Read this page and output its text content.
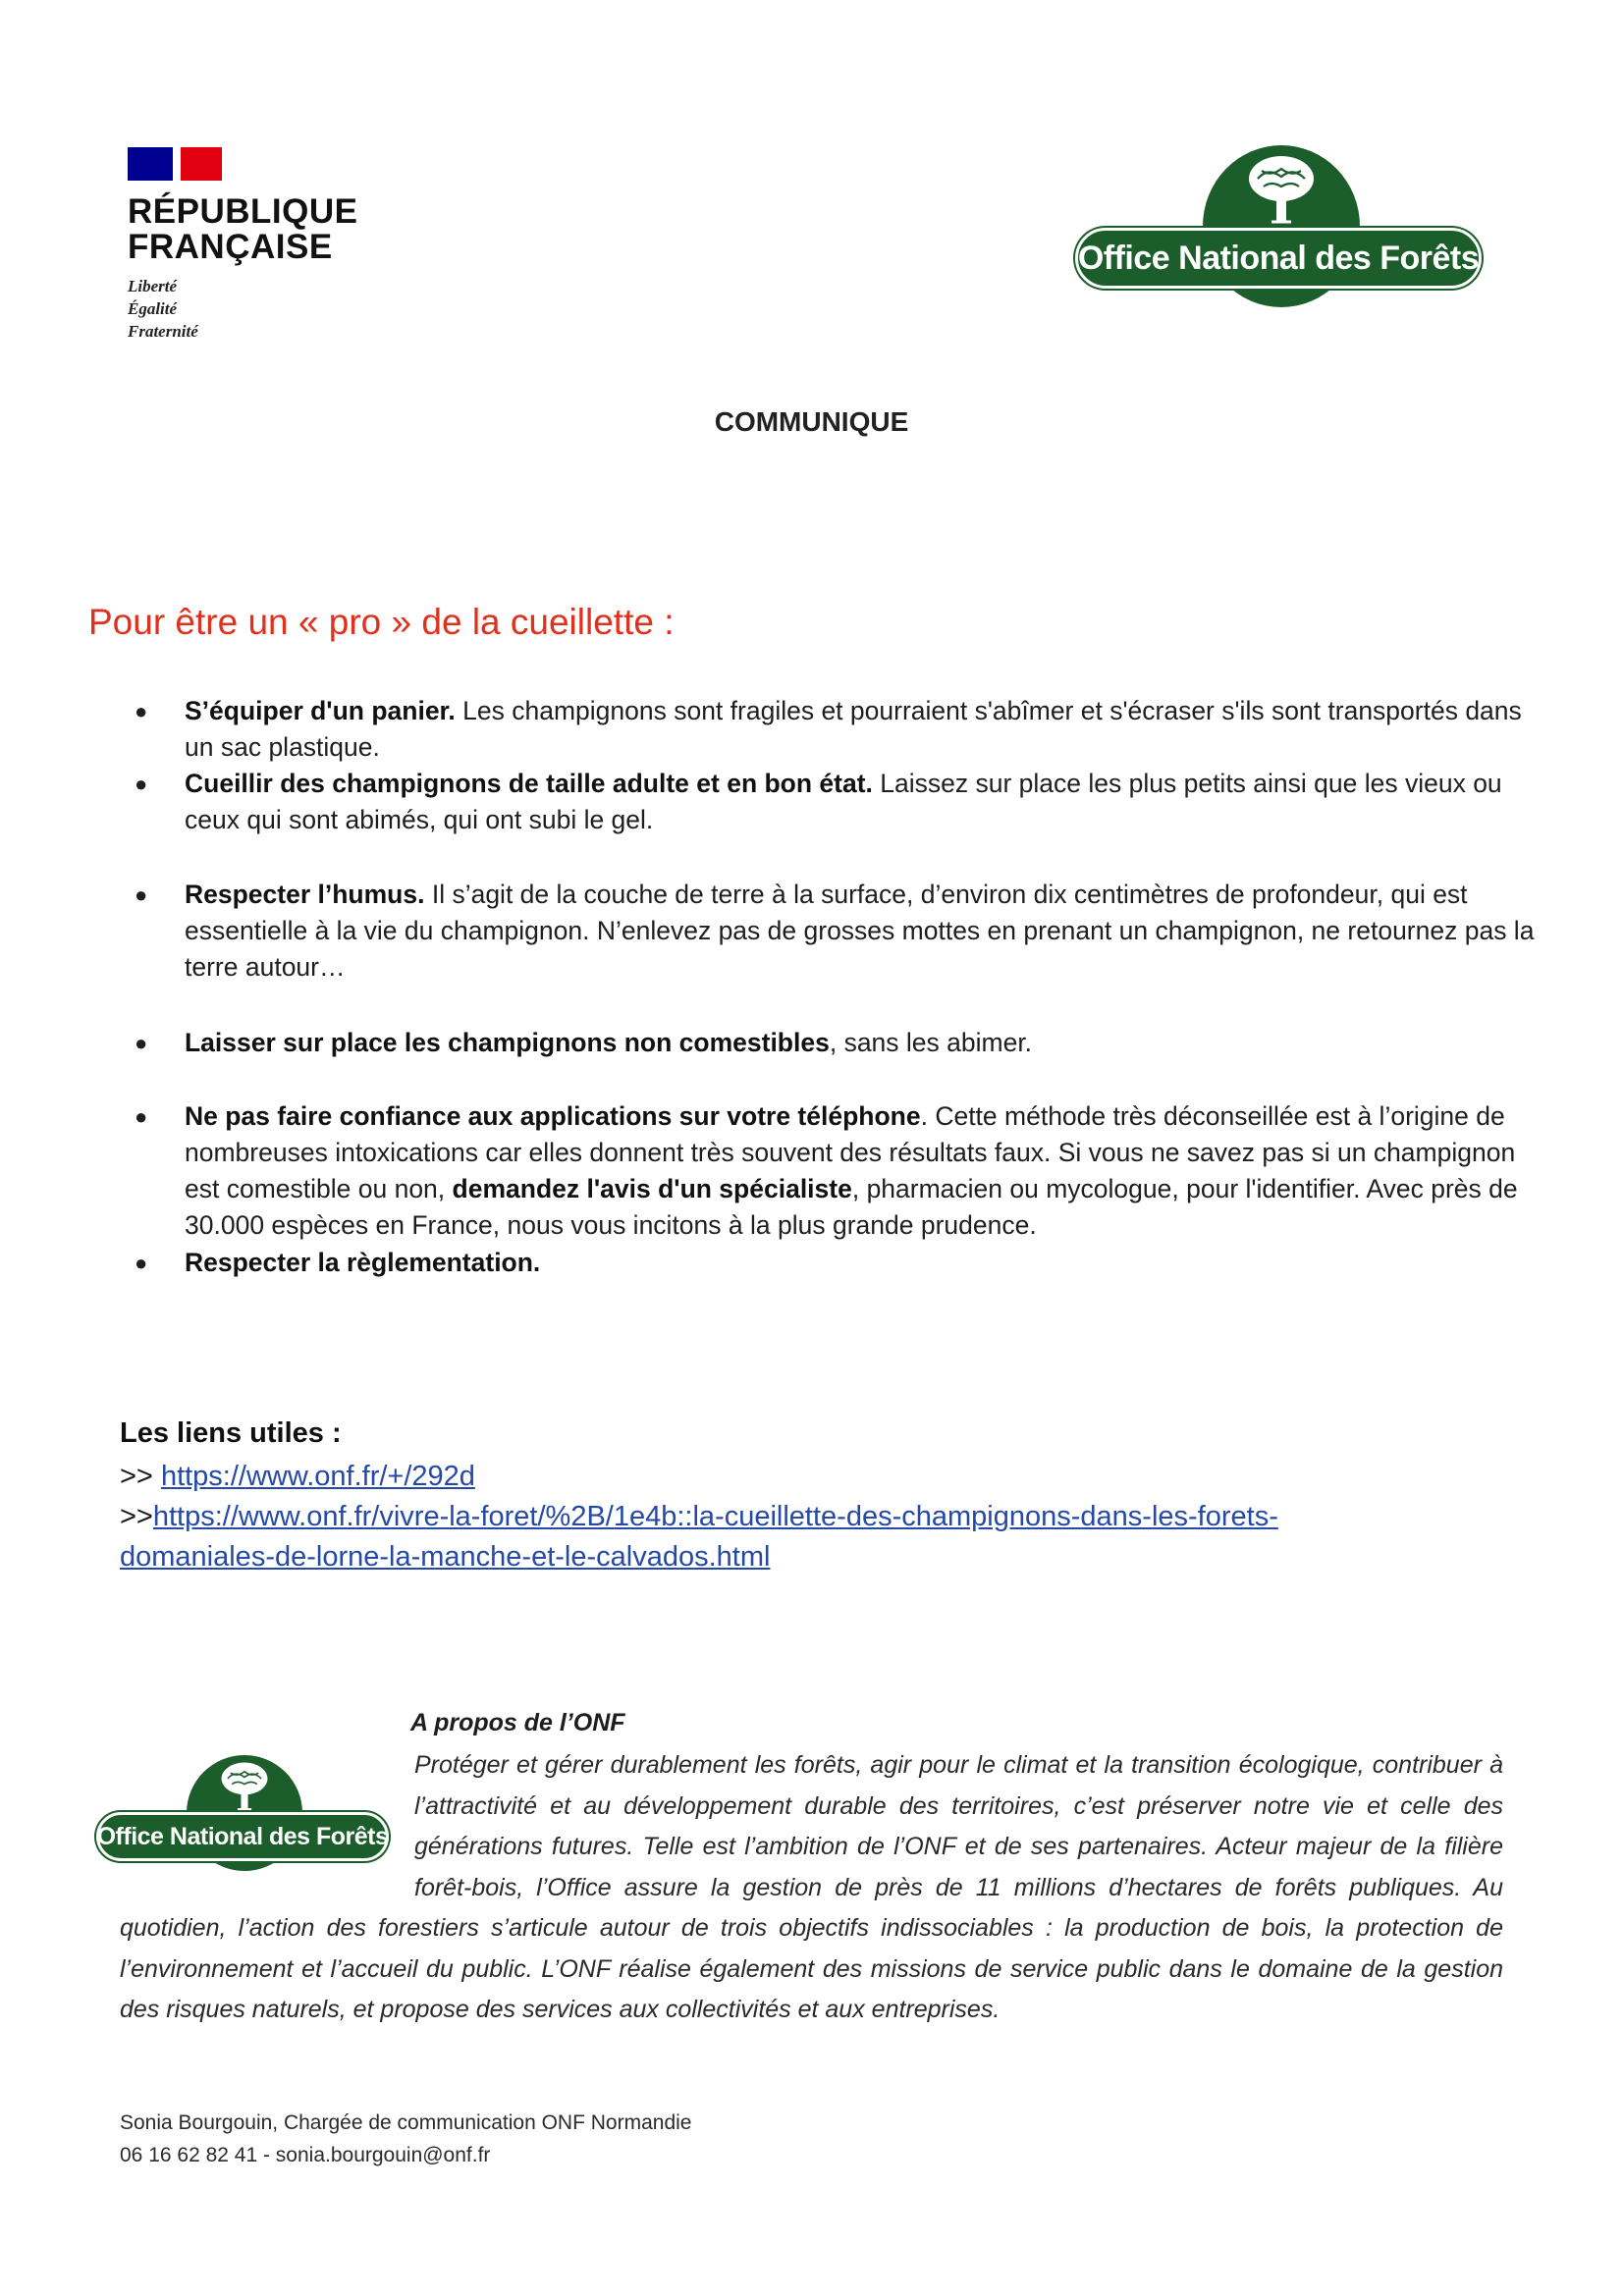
RÉPUBLIQUE
FRANÇAISE
Liberté
Égalité
Fraternité
Office National des Forêts
COMMUNIQUE
Pour être un « pro » de la cueillette :
● S’équiper d'un panier. Les champignons sont fragiles et pourraient s'abîmer et s'écraser s'ils sont transportés dans un sac plastique.
● Cueillir des champignons de taille adulte et en bon état. Laissez sur place les plus petits ainsi que les vieux ou ceux qui sont abimés, qui ont subi le gel.
● Respecter l’humus. Il s’agit de la couche de terre à la surface, d’environ dix centimètres de profondeur, qui est essentielle à la vie du champignon. N’enlevez pas de grosses mottes en prenant un champignon, ne retournez pas la terre autour…
● Laisser sur place les champignons non comestibles, sans les abimer.
● Ne pas faire confiance aux applications sur votre téléphone. Cette méthode très déconseillée est à l’origine de nombreuses intoxications car elles donnent très souvent des résultats faux. Si vous ne savez pas si un champignon est comestible ou non, demandez l'avis d'un spécialiste, pharmacien ou mycologue, pour l'identifier. Avec près de 30.000 espèces en France, nous vous incitons à la plus grande prudence.
● Respecter la règlementation.
Les liens utiles :
>> https://www.onf.fr/+/292d
>>https://www.onf.fr/vivre-la-foret/%2B/1e4b::la-cueillette-des-champignons-dans-les-forets-
domaniales-de-lorne-la-manche-et-le-calvados.html
A propos de l’ONF
Protéger et gérer durablement les forêts, agir pour le climat et la transition écologique, contribuer à l’attractivité et au développement durable des territoires, c’est préserver notre vie et celle des générations futures. Telle est l’ambition de l’ONF et de ses partenaires. Acteur majeur de la filière forêt-bois, l’Office assure la gestion de près de 11 millions d’hectares de forêts publiques. Au quotidien, l’action des forestiers s’articule autour de trois objectifs indissociables : la production de bois, la protection de l’environnement et l’accueil du public. L’ONF réalise également des missions de service public dans le domaine de la gestion des risques naturels, et propose des services aux collectivités et aux entreprises.
Office National des Forêts
Sonia Bourgouin, Chargée de communication ONF Normandie
06 16 62 82 41 - sonia.bourgouin@onf.fr
